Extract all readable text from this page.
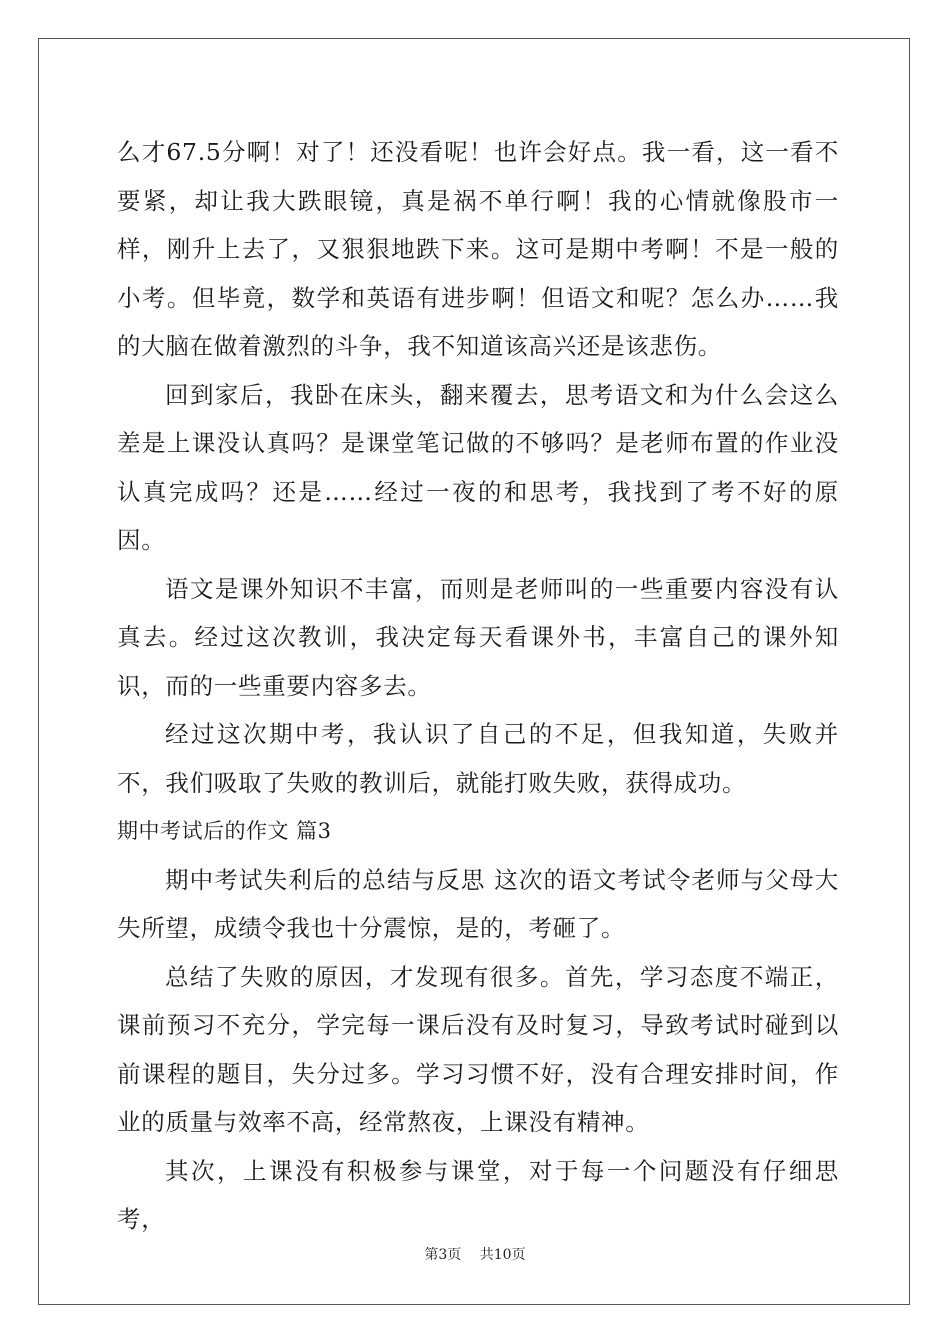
么才67.5分啊！对了！还没看呢！也许会好点。我一看，这一看不要紧，却让我大跌眼镜，真是祸不单行啊！我的心情就像股市一样，刚升上去了，又狠狠地跌下来。这可是期中考啊！不是一般的小考。但毕竟，数学和英语有进步啊！但语文和呢？怎么办……我的大脑在做着激烈的斗争，我不知道该高兴还是该悲伤。

回到家后，我卧在床头，翻来覆去，思考语文和为什么会这么差是上课没认真吗？是课堂笔记做的不够吗？是老师布置的作业没认真完成吗？还是……经过一夜的和思考，我找到了考不好的原因。

语文是课外知识不丰富，而则是老师叫的一些重要内容没有认真去。经过这次教训，我决定每天看课外书，丰富自己的课外知识，而的一些重要内容多去。

经过这次期中考，我认识了自己的不足，但我知道，失败并不，我们吸取了失败的教训后，就能打败失败，获得成功。

期中考试后的作文 篇3

期中考试失利后的总结与反思 这次的语文考试令老师与父母大失所望，成绩令我也十分震惊，是的，考砸了。

总结了失败的原因，才发现有很多。首先，学习态度不端正，课前预习不充分，学完每一课后没有及时复习，导致考试时碰到以前课程的题目，失分过多。学习习惯不好，没有合理安排时间，作业的质量与效率不高，经常熬夜，上课没有精神。

其次，上课没有积极参与课堂，对于每一个问题没有仔细思考，

第3页 共10页
